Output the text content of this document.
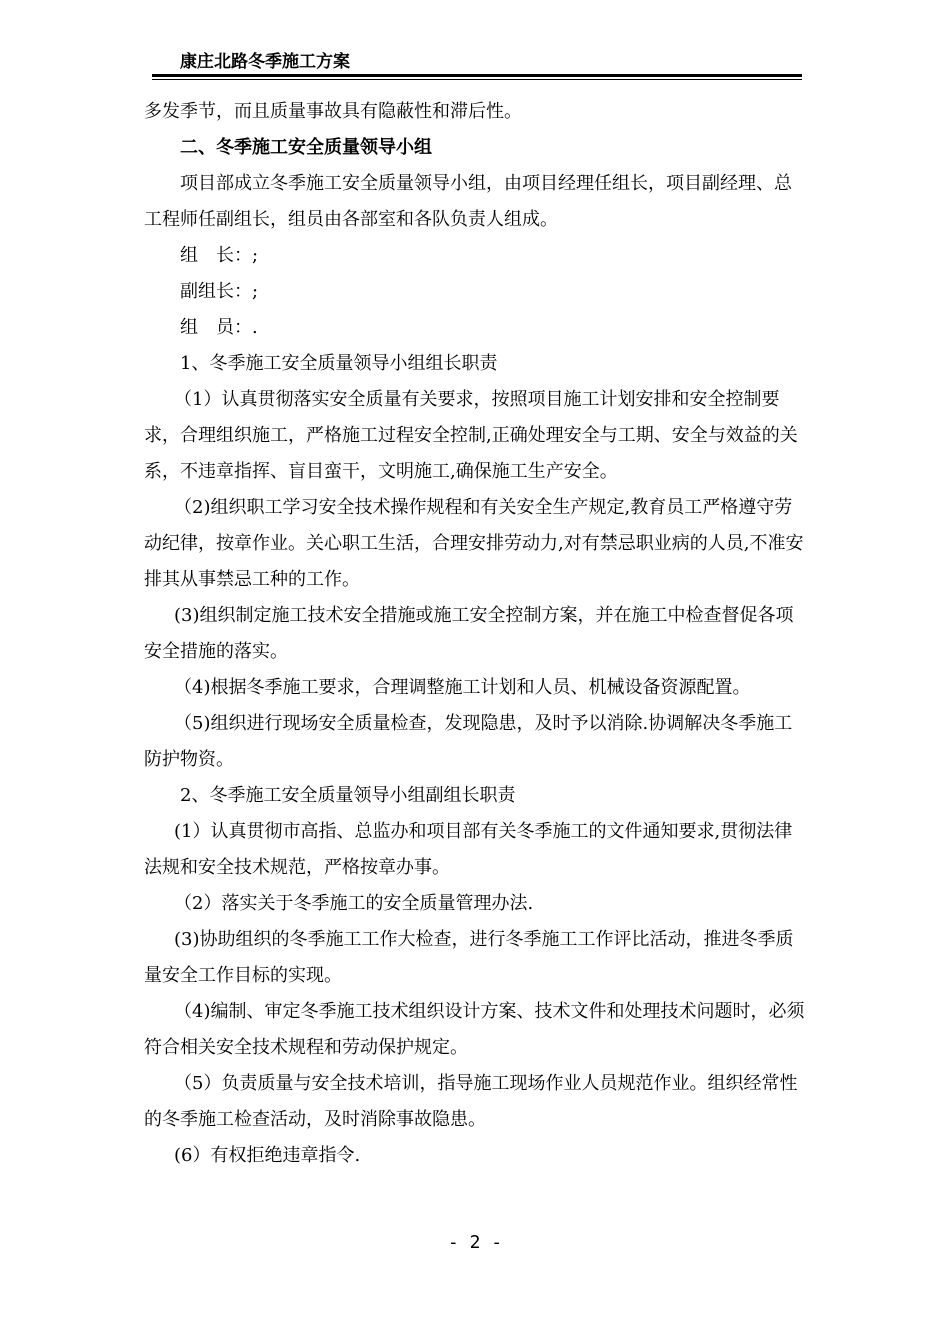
康庄北路冬季施工方案

多发季节，而且质量事故具有隐蔽性和滞后性。

二、冬季施工安全质量领导小组

项目部成立冬季施工安全质量领导小组，由项目经理任组长，项目副经理、总工程师任副组长，组员由各部室和各队负责人组成。

组　长：;

副组长：;

组　员：.

1、冬季施工安全质量领导小组组长职责

（1）认真贯彻落实安全质量有关要求，按照项目施工计划安排和安全控制要求，合理组织施工，严格施工过程安全控制,正确处理安全与工期、安全与效益的关系，不违章指挥、盲目蛮干，文明施工,确保施工生产安全。

（2)组织职工学习安全技术操作规程和有关安全生产规定,教育员工严格遵守劳动纪律，按章作业。关心职工生活，合理安排劳动力,对有禁忌职业病的人员,不准安排其从事禁忌工种的工作。

(3)组织制定施工技术安全措施或施工安全控制方案，并在施工中检查督促各项安全措施的落实。

（4)根据冬季施工要求，合理调整施工计划和人员、机械设备资源配置。

（5)组织进行现场安全质量检查，发现隐患，及时予以消除.协调解决冬季施工防护物资。

2、冬季施工安全质量领导小组副组长职责

(1）认真贯彻市高指、总监办和项目部有关冬季施工的文件通知要求,贯彻法律法规和安全技术规范，严格按章办事。

（2）落实关于冬季施工的安全质量管理办法.

(3)协助组织的冬季施工工作大检查，进行冬季施工工作评比活动，推进冬季质量安全工作目标的实现。

（4)编制、审定冬季施工技术组织设计方案、技术文件和处理技术问题时，必须符合相关安全技术规程和劳动保护规定。

（5）负责质量与安全技术培训，指导施工现场作业人员规范作业。组织经常性的冬季施工检查活动，及时消除事故隐患。

(6）有权拒绝违章指令.

- 2 -
